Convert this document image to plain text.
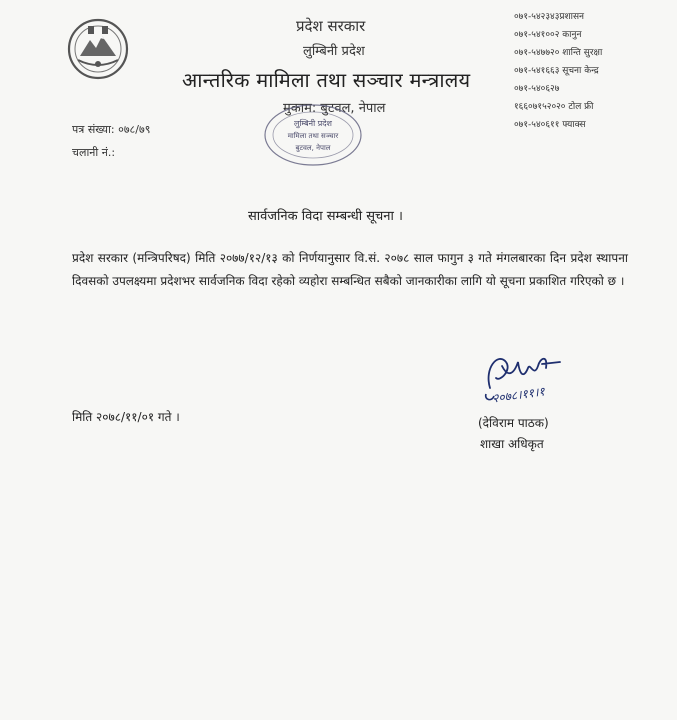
प्रदेश सरकार
लुम्बिनी प्रदेश
आन्तरिक मामिला तथा सञ्चार मन्त्रालय
मुकाम: बुटवल, नेपाल
०७१-५४२३४३प्रशासन
०७१-५४१००२ कानुन
०७१-५४७७२० शान्ति सुरक्षा
०७१-५४१६६३ सूचना केन्द्र
०७१-५४०६२७
१६६०७१५२०२० टोल फ्री
०७१-५४०६११ फ्याक्स
लुम्बिनी प्रदेश
मामिला तथा सञ्चार
बुटवल, नेपाल
पत्र संख्या: ०७८/७९
चलानी नं.:
सार्वजनिक विदा सम्बन्धी सूचना ।
प्रदेश सरकार (मन्त्रिपरिषद) मिति २०७७/१२/१३ को निर्णयानुसार वि.सं. २०७८ साल फागुन ३ गते मंगलबारका दिन प्रदेश स्थापना दिवसको उपलक्ष्यमा प्रदेशभर सार्वजनिक विदा रहेको व्यहोरा सम्बन्धित सबैको जानकारीका लागि यो सूचना प्रकाशित गरिएको छ ।
मिति २०७८/११/०१ गते ।
२०७८।११।१
(देविराम पाठक)
शाखा अधिकृत
